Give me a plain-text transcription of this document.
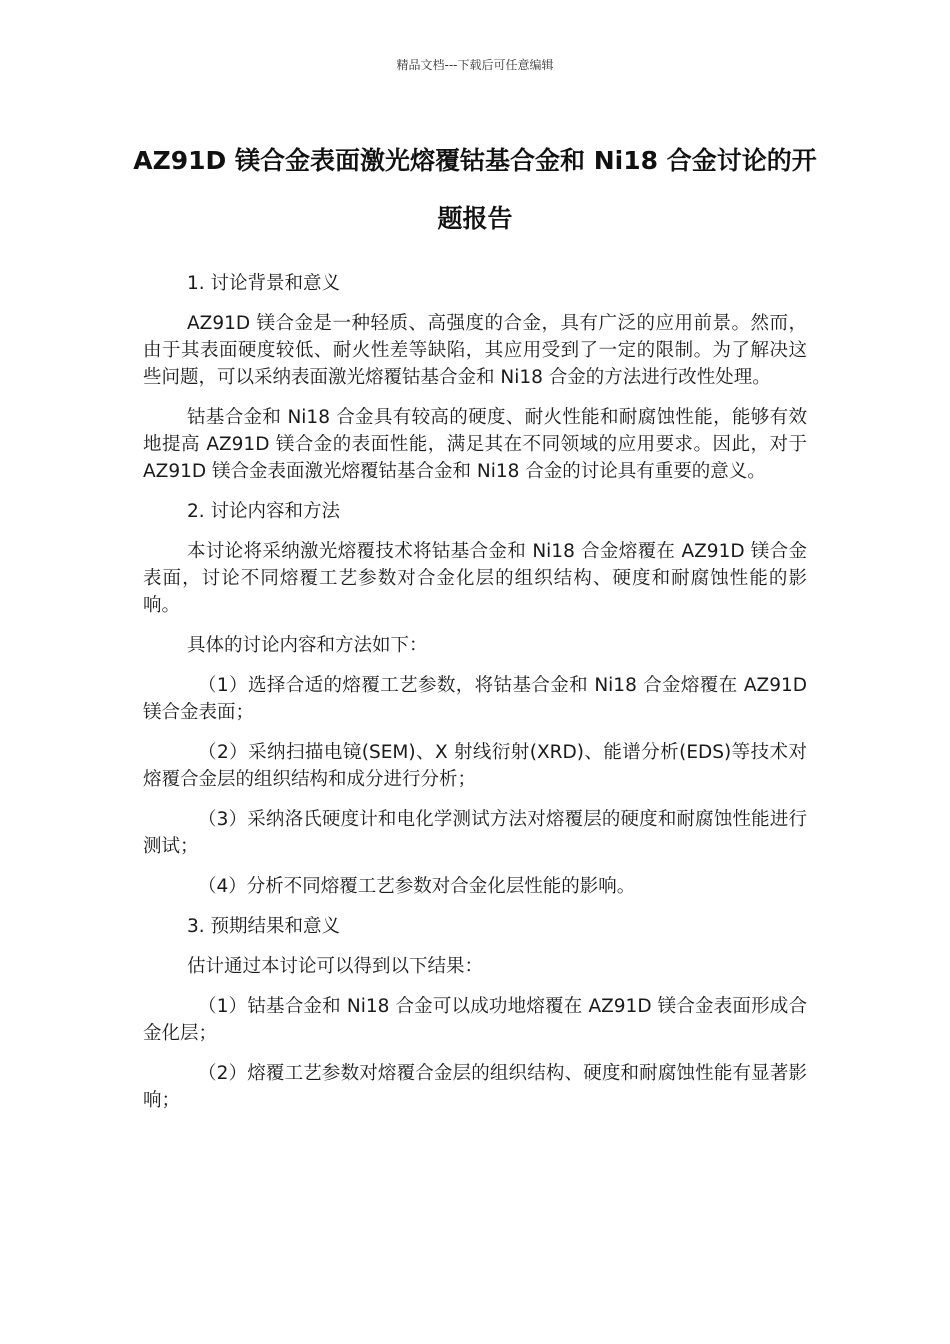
精品文档---下载后可任意编辑
AZ91D 镁合金表面激光熔覆钴基合金和 Ni18 合金讨论的开题报告

1. 讨论背景和意义

AZ91D 镁合金是一种轻质、高强度的合金，具有广泛的应用前景。然而，由于其表面硬度较低、耐火性差等缺陷，其应用受到了一定的限制。为了解决这些问题，可以采纳表面激光熔覆钴基合金和 Ni18 合金的方法进行改性处理。

钴基合金和 Ni18 合金具有较高的硬度、耐火性能和耐腐蚀性能，能够有效地提高 AZ91D 镁合金的表面性能，满足其在不同领域的应用要求。因此，对于 AZ91D 镁合金表面激光熔覆钴基合金和 Ni18 合金的讨论具有重要的意义。

2. 讨论内容和方法

本讨论将采纳激光熔覆技术将钴基合金和 Ni18 合金熔覆在 AZ91D 镁合金表面，讨论不同熔覆工艺参数对合金化层的组织结构、硬度和耐腐蚀性能的影响。

具体的讨论内容和方法如下：

（1）选择合适的熔覆工艺参数，将钴基合金和 Ni18 合金熔覆在 AZ91D 镁合金表面；

（2）采纳扫描电镜(SEM)、X 射线衍射(XRD)、能谱分析(EDS)等技术对熔覆合金层的组织结构和成分进行分析；

（3）采纳洛氏硬度计和电化学测试方法对熔覆层的硬度和耐腐蚀性能进行测试；

（4）分析不同熔覆工艺参数对合金化层性能的影响。

3. 预期结果和意义

估计通过本讨论可以得到以下结果：

（1）钴基合金和 Ni18 合金可以成功地熔覆在 AZ91D 镁合金表面形成合金化层；

（2）熔覆工艺参数对熔覆合金层的组织结构、硬度和耐腐蚀性能有显著影响；
